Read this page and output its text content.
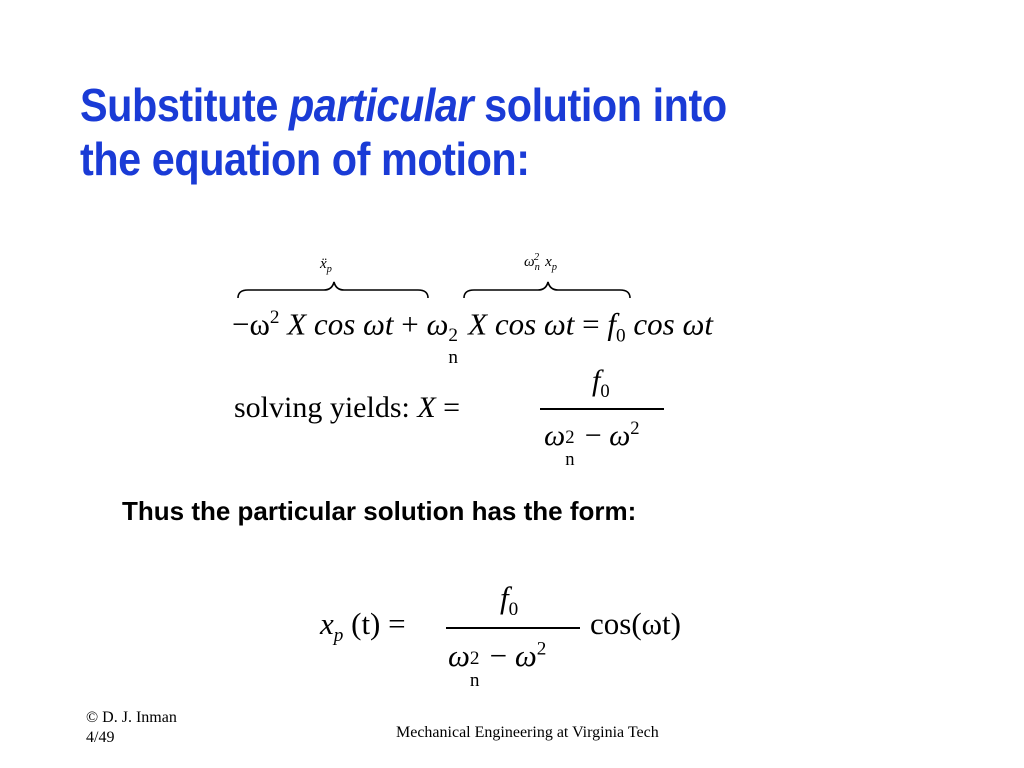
Substitute particular solution into
the equation of motion:
ẍ$_p$	$\omega_n^2$ $x_p$
$-\omega^2$ X cos ωt + ω 2
n
X $\cos \omega t = f_0$ cos ωt
solving yields: X =
$f_0$
ω 2
n
− $\omega^2$
Thus the particular solution has the form:
$x_p$ (t) =
$f_0$
ω 2
n
− $\omega^2$
cos(ωt)
© D. J. Inman
4/49	Mechanical Engineering at Virginia Tech
